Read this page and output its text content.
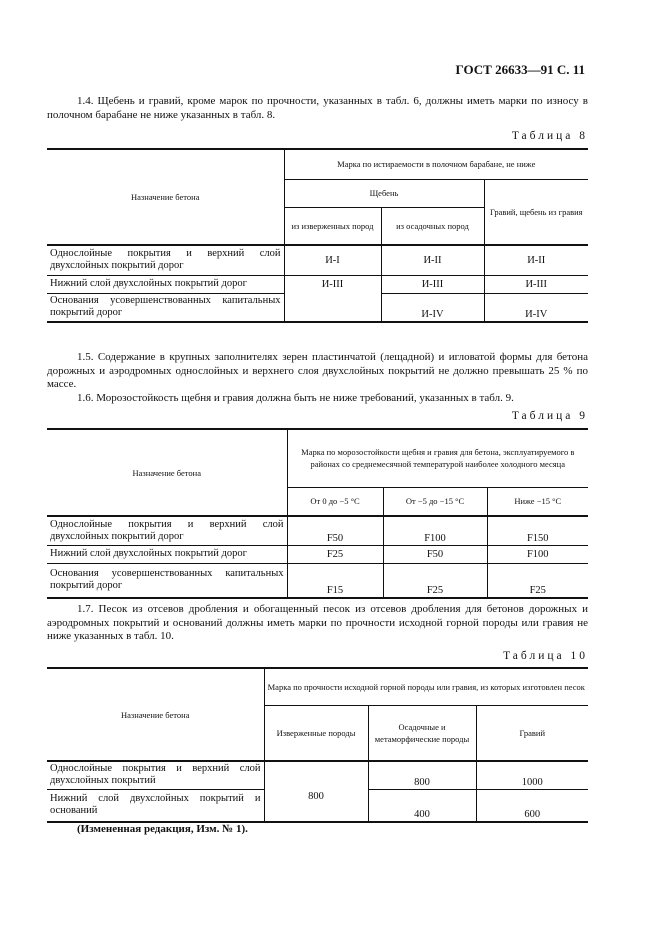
ГОСТ 26633—91 С. 11

1.4. Щебень и гравий, кроме марок по прочности, указанных в табл. 6, должны иметь марки по износу в полочном барабане не ниже указанных в табл. 8.

Таблица 8
Назначение бетона	Марка по истираемости в полочном барабане, не ниже		
	Щебень		Гравий, щебень из гравия
	из изверженных пород	из осадочных пород	
Однослойные покрытия и верхний слой двухслойных покрытий дорог	И-I	И-II	И-II
Нижний слой двухслойных покрытий дорог	И-III	И-III	И-III
Основания усовершенствованных капитальных покрытий дорог		И-IV	И-IV

1.5. Содержание в крупных заполнителях зерен пластинчатой (лещадной) и игловатой формы для бетона дорожных и аэродромных однослойных и верхнего слоя двухслойных покрытий не должно превышать 25 % по массе.

1.6. Морозостойкость щебня и гравия должна быть не ниже требований, указанных в табл. 9.

Таблица 9
Назначение бетона	Марка по морозостойкости щебня и гравия для бетона, эксплуатируемого в районах со среднемесячной температурой наиболее холодного месяца		
	От 0 до −5 °С	От −5 до −15 °С	Ниже −15 °С
Однослойные покрытия и верхний слой двухслойных покрытий дорог	F50	F100	F150
Нижний слой двухслойных покрытий дорог	F25	F50	F100
Основания усовершенствованных капитальных покрытий дорог	F15	F25	F25

1.7. Песок из отсевов дробления и обогащенный песок из отсевов дробления для бетонов дорожных и аэродромных покрытий и оснований должны иметь марки по прочности исходной горной породы или гравия не ниже указанных в табл. 10.

Таблица 10
Назначение бетона	Марка по прочности исходной горной породы или гравия, из которых изготовлен песок		
	Изверженные породы	Осадочные и метаморфические породы	Гравий
Однослойные покрытия и верхний слой двухслойных покрытий	800	800	1000
Нижний слой двухслойных покрытий и оснований		400	600
(Измененная редакция, Изм. № 1).
